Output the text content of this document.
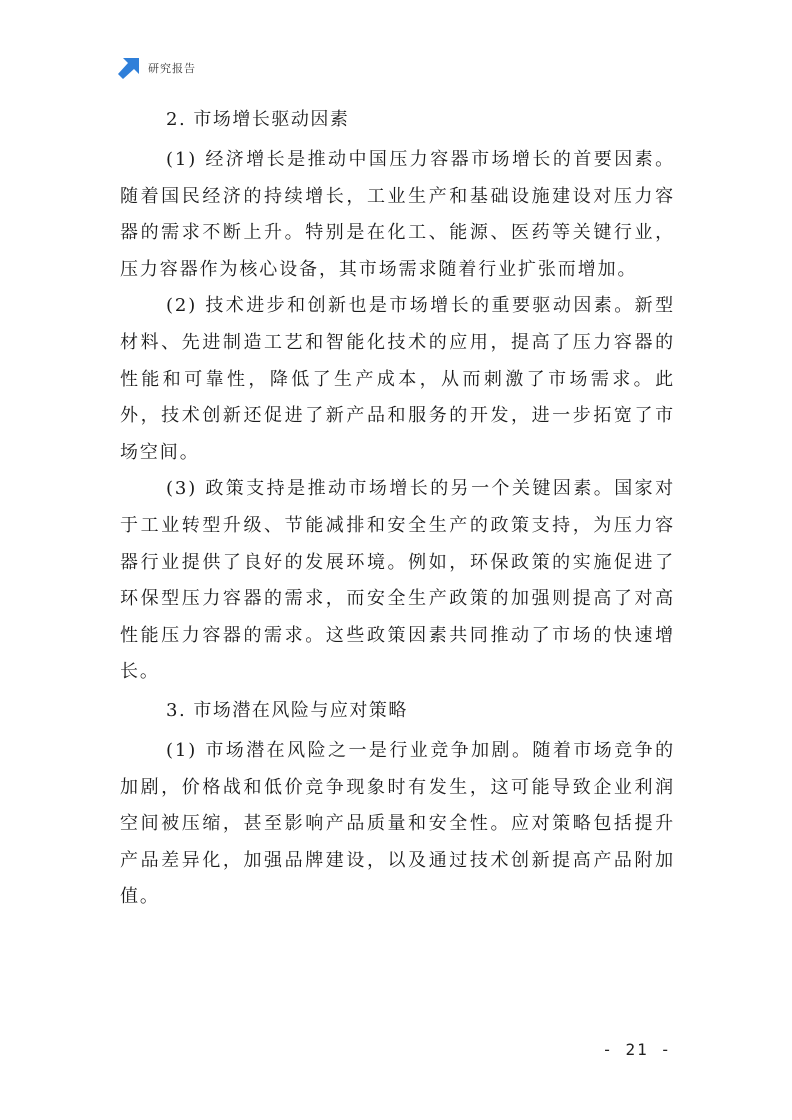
研究报告

2. 市场增长驱动因素

(1) 经济增长是推动中国压力容器市场增长的首要因素。随着国民经济的持续增长，工业生产和基础设施建设对压力容器的需求不断上升。特别是在化工、能源、医药等关键行业，压力容器作为核心设备，其市场需求随着行业扩张而增加。

(2) 技术进步和创新也是市场增长的重要驱动因素。新型材料、先进制造工艺和智能化技术的应用，提高了压力容器的性能和可靠性，降低了生产成本，从而刺激了市场需求。此外，技术创新还促进了新产品和服务的开发，进一步拓宽了市场空间。

(3) 政策支持是推动市场增长的另一个关键因素。国家对于工业转型升级、节能减排和安全生产的政策支持，为压力容器行业提供了良好的发展环境。例如，环保政策的实施促进了环保型压力容器的需求，而安全生产政策的加强则提高了对高性能压力容器的需求。这些政策因素共同推动了市场的快速增长。

3. 市场潜在风险与应对策略

(1) 市场潜在风险之一是行业竞争加剧。随着市场竞争的加剧，价格战和低价竞争现象时有发生，这可能导致企业利润空间被压缩，甚至影响产品质量和安全性。应对策略包括提升产品差异化，加强品牌建设，以及通过技术创新提高产品附加值。

- 21 -
